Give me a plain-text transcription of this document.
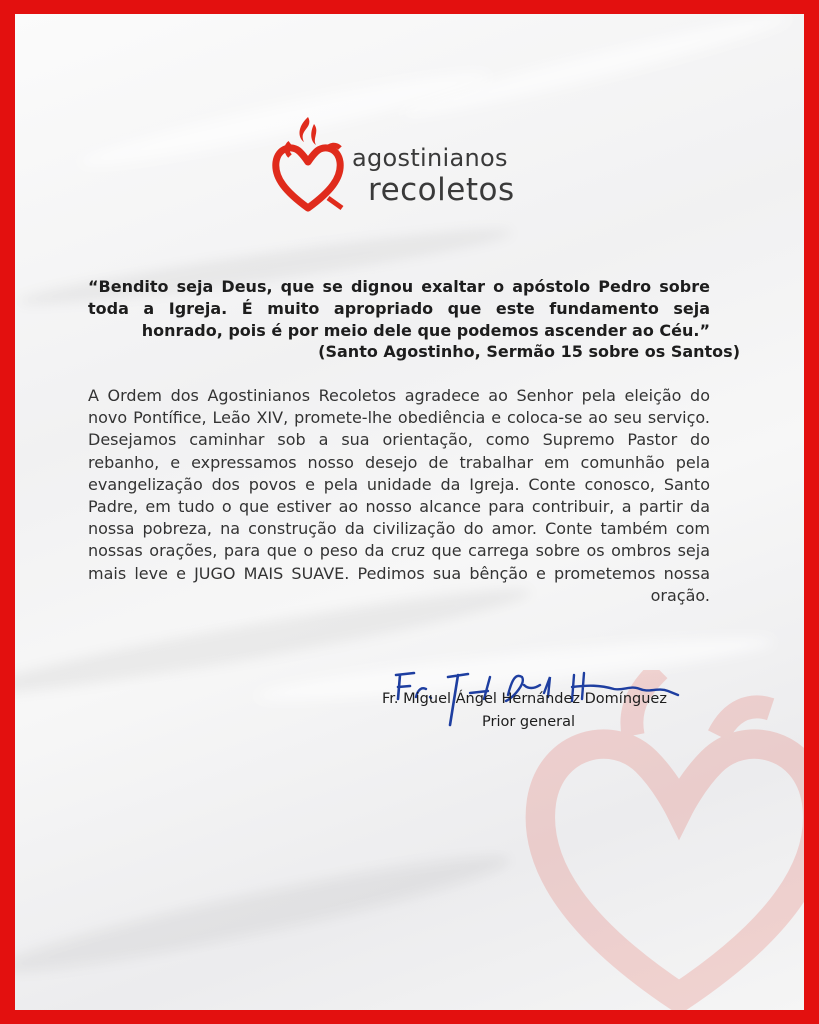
agostinianos
recoletos

“Bendito seja Deus, que se dignou exaltar o apóstolo Pedro sobre toda a Igreja. É muito apropriado que este fundamento seja honrado, pois é por meio dele que podemos ascender ao Céu.”

(Santo Agostinho, Sermão 15 sobre os Santos)

A Ordem dos Agostinianos Recoletos agradece ao Senhor pela eleição do novo Pontífice, Leão XIV, promete-lhe obediência e coloca-se ao seu serviço. Desejamos caminhar sob a sua orientação, como Supremo Pastor do rebanho, e expressamos nosso desejo de trabalhar em comunhão pela evangelização dos povos e pela unidade da Igreja. Conte conosco, Santo Padre, em tudo o que estiver ao nosso alcance para contribuir, a partir da nossa pobreza, na construção da civilização do amor. Conte também com nossas orações, para que o peso da cruz que carrega sobre os ombros seja mais leve e JUGO MAIS SUAVE. Pedimos sua bênção e prometemos nossa oração.

Fr. Miguel Ángel Hernández Domínguez
Prior general
